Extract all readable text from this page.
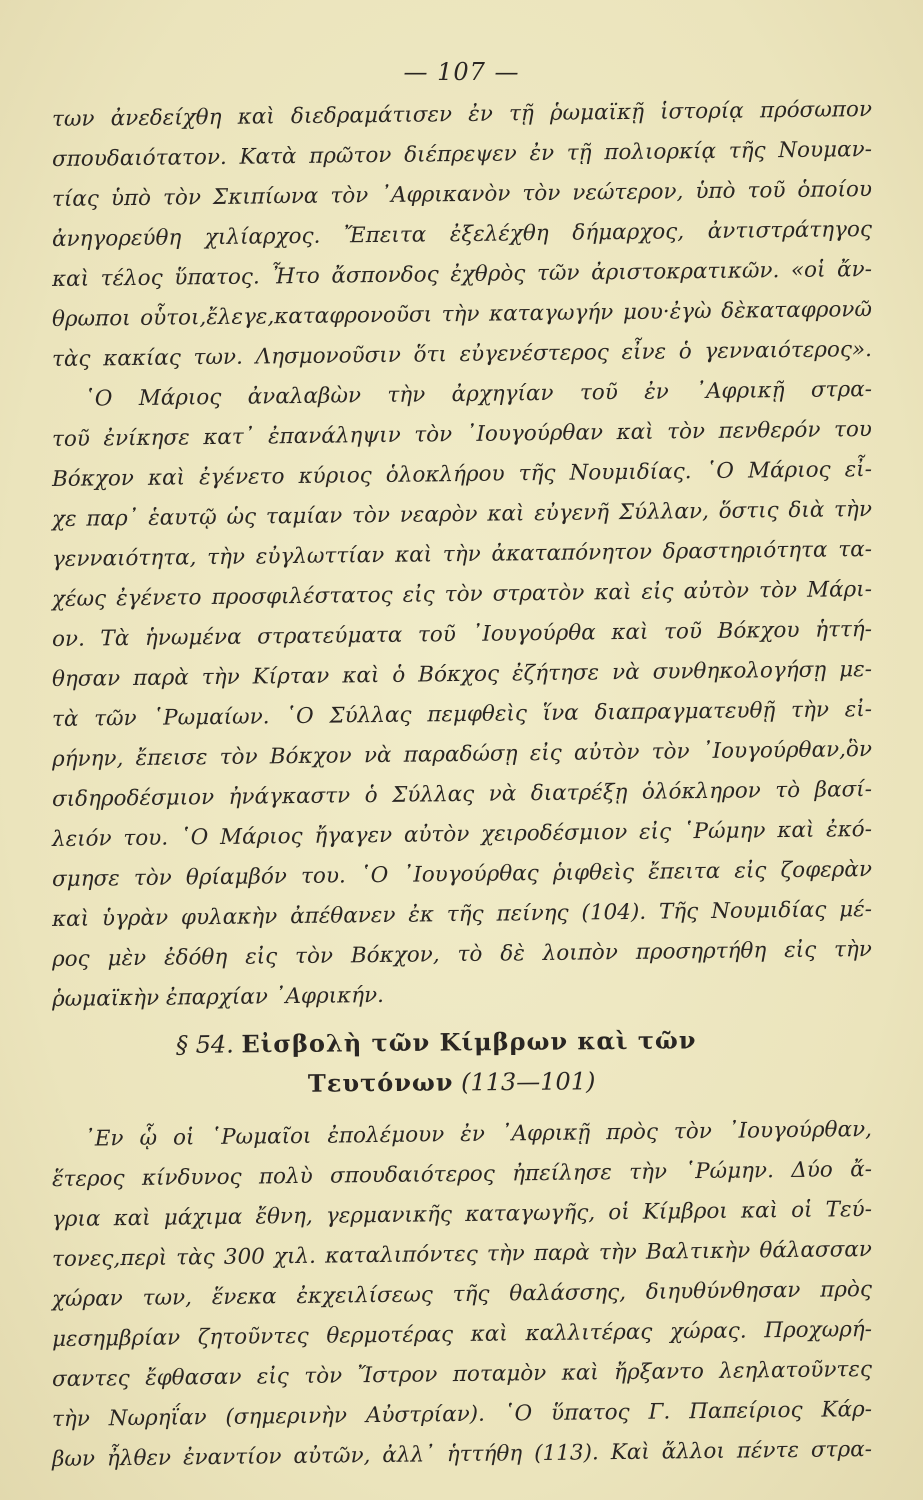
— 107 —
των ἀνεδείχθη καὶ διεδραμάτισεν ἐν τῇ ῥωμαϊκῇ ἱστορίᾳ πρόσωπον
σπουδαιότατον. Κατὰ πρῶτον διέπρεψεν ἐν τῇ πολιορκίᾳ τῆς Νουμαν-
τίας ὑπὸ τὸν Σκιπίωνα τὸν ᾿Αφρικανὸν τὸν νεώτερον, ὑπὸ τοῦ ὁποίου
ἀνηγορεύθη χιλίαρχος. Ἔπειτα ἐξελέχθη δήμαρχος, ἀντιστράτηγος
καὶ τέλος ὕπατος. Ἦτο ἄσπονδος ἐχθρὸς τῶν ἀριστοκρατικῶν. «οἱ ἄν-
θρωποι οὗτοι,ἔλεγε,καταφρονοῦσι τὴν καταγωγήν μου·ἐγὼ δὲκαταφρονῶ
τὰς κακίας των. Λησμονοῦσιν ὅτι εὐγενέστερος εἶνε ὁ γενναιότερος».
῾Ο Μάριος ἀναλαβὼν τὴν ἀρχηγίαν τοῦ ἐν ᾿Αφρικῇ στρα-
τοῦ ἐνίκησε κατ᾿ ἐπανάληψιν τὸν ᾿Ιουγούρθαν καὶ τὸν πενθερόν του
Βόκχον καὶ ἐγένετο κύριος ὁλοκλήρου τῆς Νουμιδίας. ῾Ο Μάριος εἶ-
χε παρ᾿ ἑαυτῷ ὡς ταμίαν τὸν νεαρὸν καὶ εὐγενῆ Σύλλαν, ὅστις διὰ τὴν
γενναιότητα, τὴν εὐγλωττίαν καὶ τὴν ἀκαταπόνητον δραστηριότητα τα-
χέως ἐγένετο προσφιλέστατος εἰς τὸν στρατὸν καὶ εἰς αὐτὸν τὸν Μάρι-
ον. Τὰ ἡνωμένα στρατεύματα τοῦ ᾿Ιουγούρθα καὶ τοῦ Βόκχου ἡττή-
θησαν παρὰ τὴν Κίρταν καὶ ὁ Βόκχος ἐζήτησε νὰ συνθηκολογήσῃ με-
τὰ τῶν ῾Ρωμαίων. ῾Ο Σύλλας πεμφθεὶς ἵνα διαπραγματευθῇ τὴν εἰ-
ρήνην, ἔπεισε τὸν Βόκχον νὰ παραδώσῃ εἰς αὐτὸν τὸν ᾿Ιουγούρθαν,ὃν
σιδηροδέσμιον ἠνάγκαστν ὁ Σύλλας νὰ διατρέξῃ ὁλόκληρον τὸ βασί-
λειόν του. ῾Ο Μάριος ἤγαγεν αὐτὸν χειροδέσμιον εἰς ῾Ρώμην καὶ ἐκό-
σμησε τὸν θρίαμβόν του. ῾Ο ᾿Ιουγούρθας ῥιφθεὶς ἔπειτα εἰς ζοφερὰν
καὶ ὑγρὰν φυλακὴν ἀπέθανεν ἐκ τῆς πείνης (104). Τῆς Νουμιδίας μέ-
ρος μὲν ἐδόθη εἰς τὸν Βόκχον, τὸ δὲ λοιπὸν προσηρτήθη εἰς τὴν
ῥωμαϊκὴν ἐπαρχίαν ᾿Αφρικήν.
§ 54. Εἰσβολὴ τῶν Κίμβρων καὶ τῶν
Τευτόνων (113—101)
᾿Εν ᾧ οἱ ῾Ρωμαῖοι ἐπολέμουν ἐν ᾿Αφρικῇ πρὸς τὸν ᾿Ιουγούρθαν,
ἕτερος κίνδυνος πολὺ σπουδαιότερος ἠπείλησε τὴν ῾Ρώμην. Δύο ἄ-
γρια καὶ μάχιμα ἔθνη, γερμανικῆς καταγωγῆς, οἱ Κίμβροι καὶ οἱ Τεύ-
τονες,περὶ τὰς 300 χιλ. καταλιπόντες τὴν παρὰ τὴν Βαλτικὴν θάλασσαν
χώραν των, ἕνεκα ἐκχειλίσεως τῆς θαλάσσης, διηυθύνθησαν πρὸς
μεσημβρίαν ζητοῦντες θερμοτέρας καὶ καλλιτέρας χώρας. Προχωρή-
σαντες ἔφθασαν εἰς τὸν Ἴστρον ποταμὸν καὶ ἤρξαντο λεηλατοῦντες
τὴν Νωρηΐαν (σημερινὴν Αὐστρίαν). ῾Ο ὕπατος Γ. Παπείριος Κάρ-
βων ἦλθεν ἐναντίον αὐτῶν, ἀλλ᾿ ἡττήθη (113). Καὶ ἄλλοι πέντε στρα-
